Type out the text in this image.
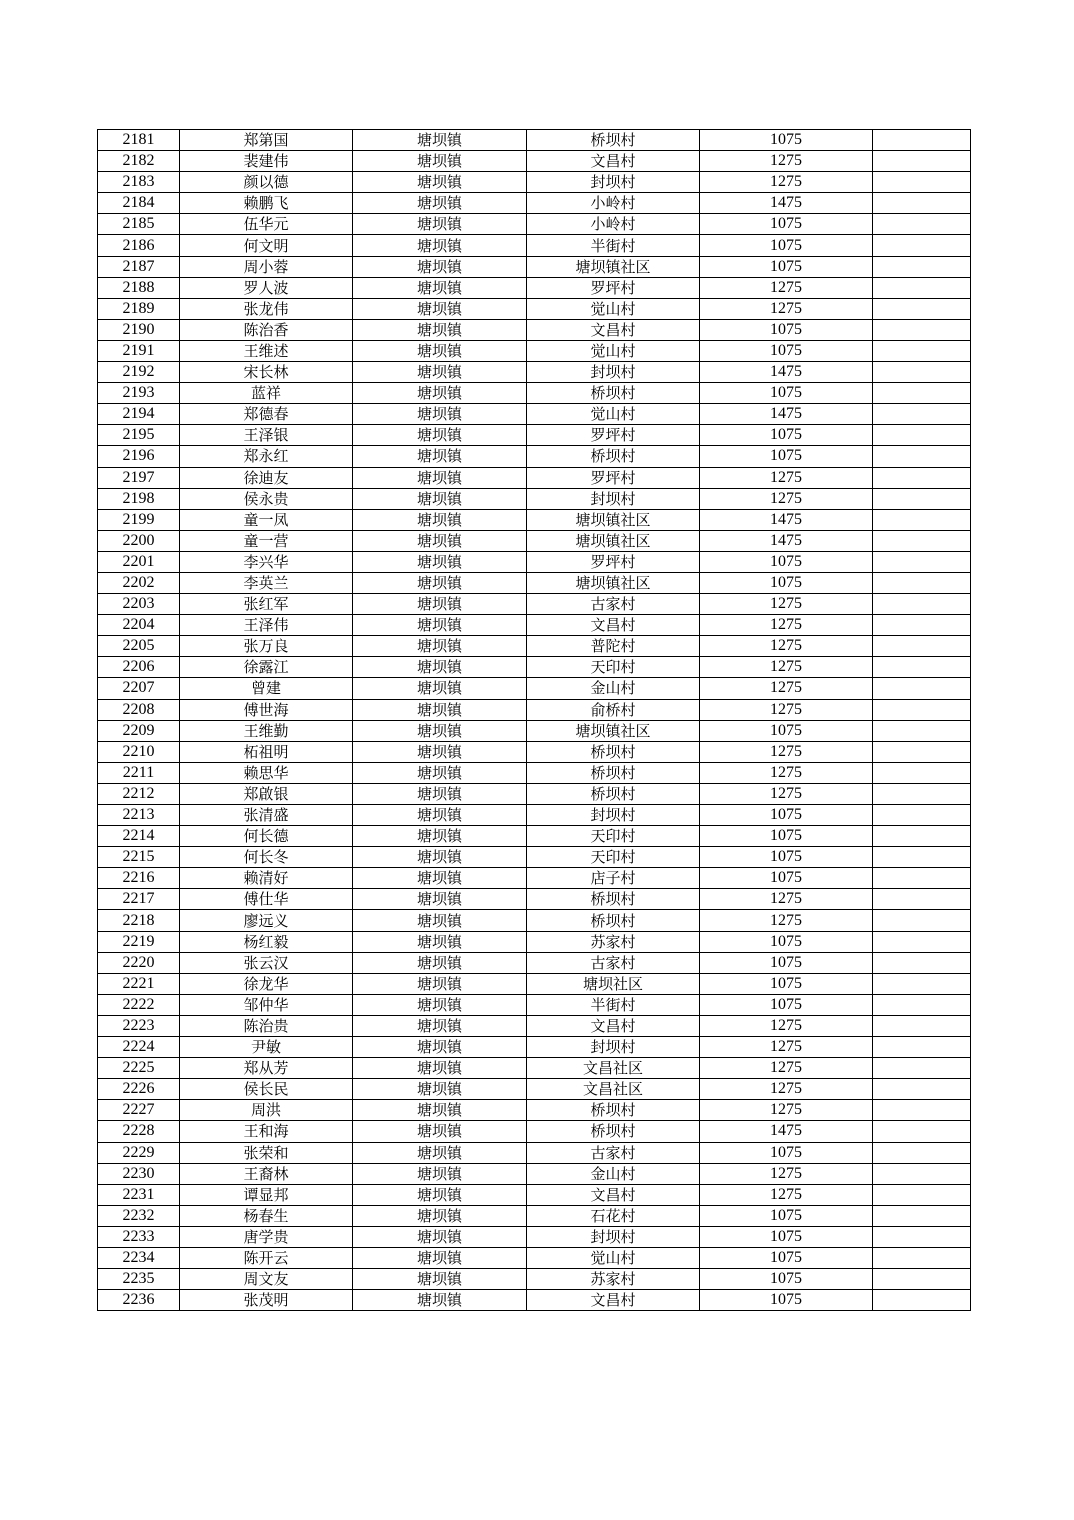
2181	郑第国	塘坝镇	桥坝村	1075	
2182	裴建伟	塘坝镇	文昌村	1275	
2183	颜以德	塘坝镇	封坝村	1275	
2184	赖鹏飞	塘坝镇	小岭村	1475	
2185	伍华元	塘坝镇	小岭村	1075	
2186	何文明	塘坝镇	半街村	1075	
2187	周小蓉	塘坝镇	塘坝镇社区	1075	
2188	罗人波	塘坝镇	罗坪村	1275	
2189	张龙伟	塘坝镇	觉山村	1275	
2190	陈治香	塘坝镇	文昌村	1075	
2191	王维述	塘坝镇	觉山村	1075	
2192	宋长林	塘坝镇	封坝村	1475	
2193	蓝祥	塘坝镇	桥坝村	1075	
2194	郑德春	塘坝镇	觉山村	1475	
2195	王泽银	塘坝镇	罗坪村	1075	
2196	郑永红	塘坝镇	桥坝村	1075	
2197	徐迪友	塘坝镇	罗坪村	1275	
2198	侯永贵	塘坝镇	封坝村	1275	
2199	童一凤	塘坝镇	塘坝镇社区	1475	
2200	童一营	塘坝镇	塘坝镇社区	1475	
2201	李兴华	塘坝镇	罗坪村	1075	
2202	李英兰	塘坝镇	塘坝镇社区	1075	
2203	张红军	塘坝镇	古家村	1275	
2204	王泽伟	塘坝镇	文昌村	1275	
2205	张万良	塘坝镇	普陀村	1275	
2206	徐露江	塘坝镇	天印村	1275	
2207	曾建	塘坝镇	金山村	1275	
2208	傅世海	塘坝镇	俞桥村	1275	
2209	王维勤	塘坝镇	塘坝镇社区	1075	
2210	柘祖明	塘坝镇	桥坝村	1275	
2211	赖思华	塘坝镇	桥坝村	1275	
2212	郑啟银	塘坝镇	桥坝村	1275	
2213	张清盛	塘坝镇	封坝村	1075	
2214	何长德	塘坝镇	天印村	1075	
2215	何长冬	塘坝镇	天印村	1075	
2216	赖清好	塘坝镇	店子村	1075	
2217	傅仕华	塘坝镇	桥坝村	1275	
2218	廖远义	塘坝镇	桥坝村	1275	
2219	杨红毅	塘坝镇	苏家村	1075	
2220	张云汉	塘坝镇	古家村	1075	
2221	徐龙华	塘坝镇	塘坝社区	1075	
2222	邹仲华	塘坝镇	半街村	1075	
2223	陈治贵	塘坝镇	文昌村	1275	
2224	尹敏	塘坝镇	封坝村	1275	
2225	郑从芳	塘坝镇	文昌社区	1275	
2226	侯长民	塘坝镇	文昌社区	1275	
2227	周洪	塘坝镇	桥坝村	1275	
2228	王和海	塘坝镇	桥坝村	1475	
2229	张荣和	塘坝镇	古家村	1075	
2230	王裔林	塘坝镇	金山村	1275	
2231	谭显邦	塘坝镇	文昌村	1275	
2232	杨春生	塘坝镇	石花村	1075	
2233	唐学贵	塘坝镇	封坝村	1075	
2234	陈开云	塘坝镇	觉山村	1075	
2235	周文友	塘坝镇	苏家村	1075	
2236	张茂明	塘坝镇	文昌村	1075	
